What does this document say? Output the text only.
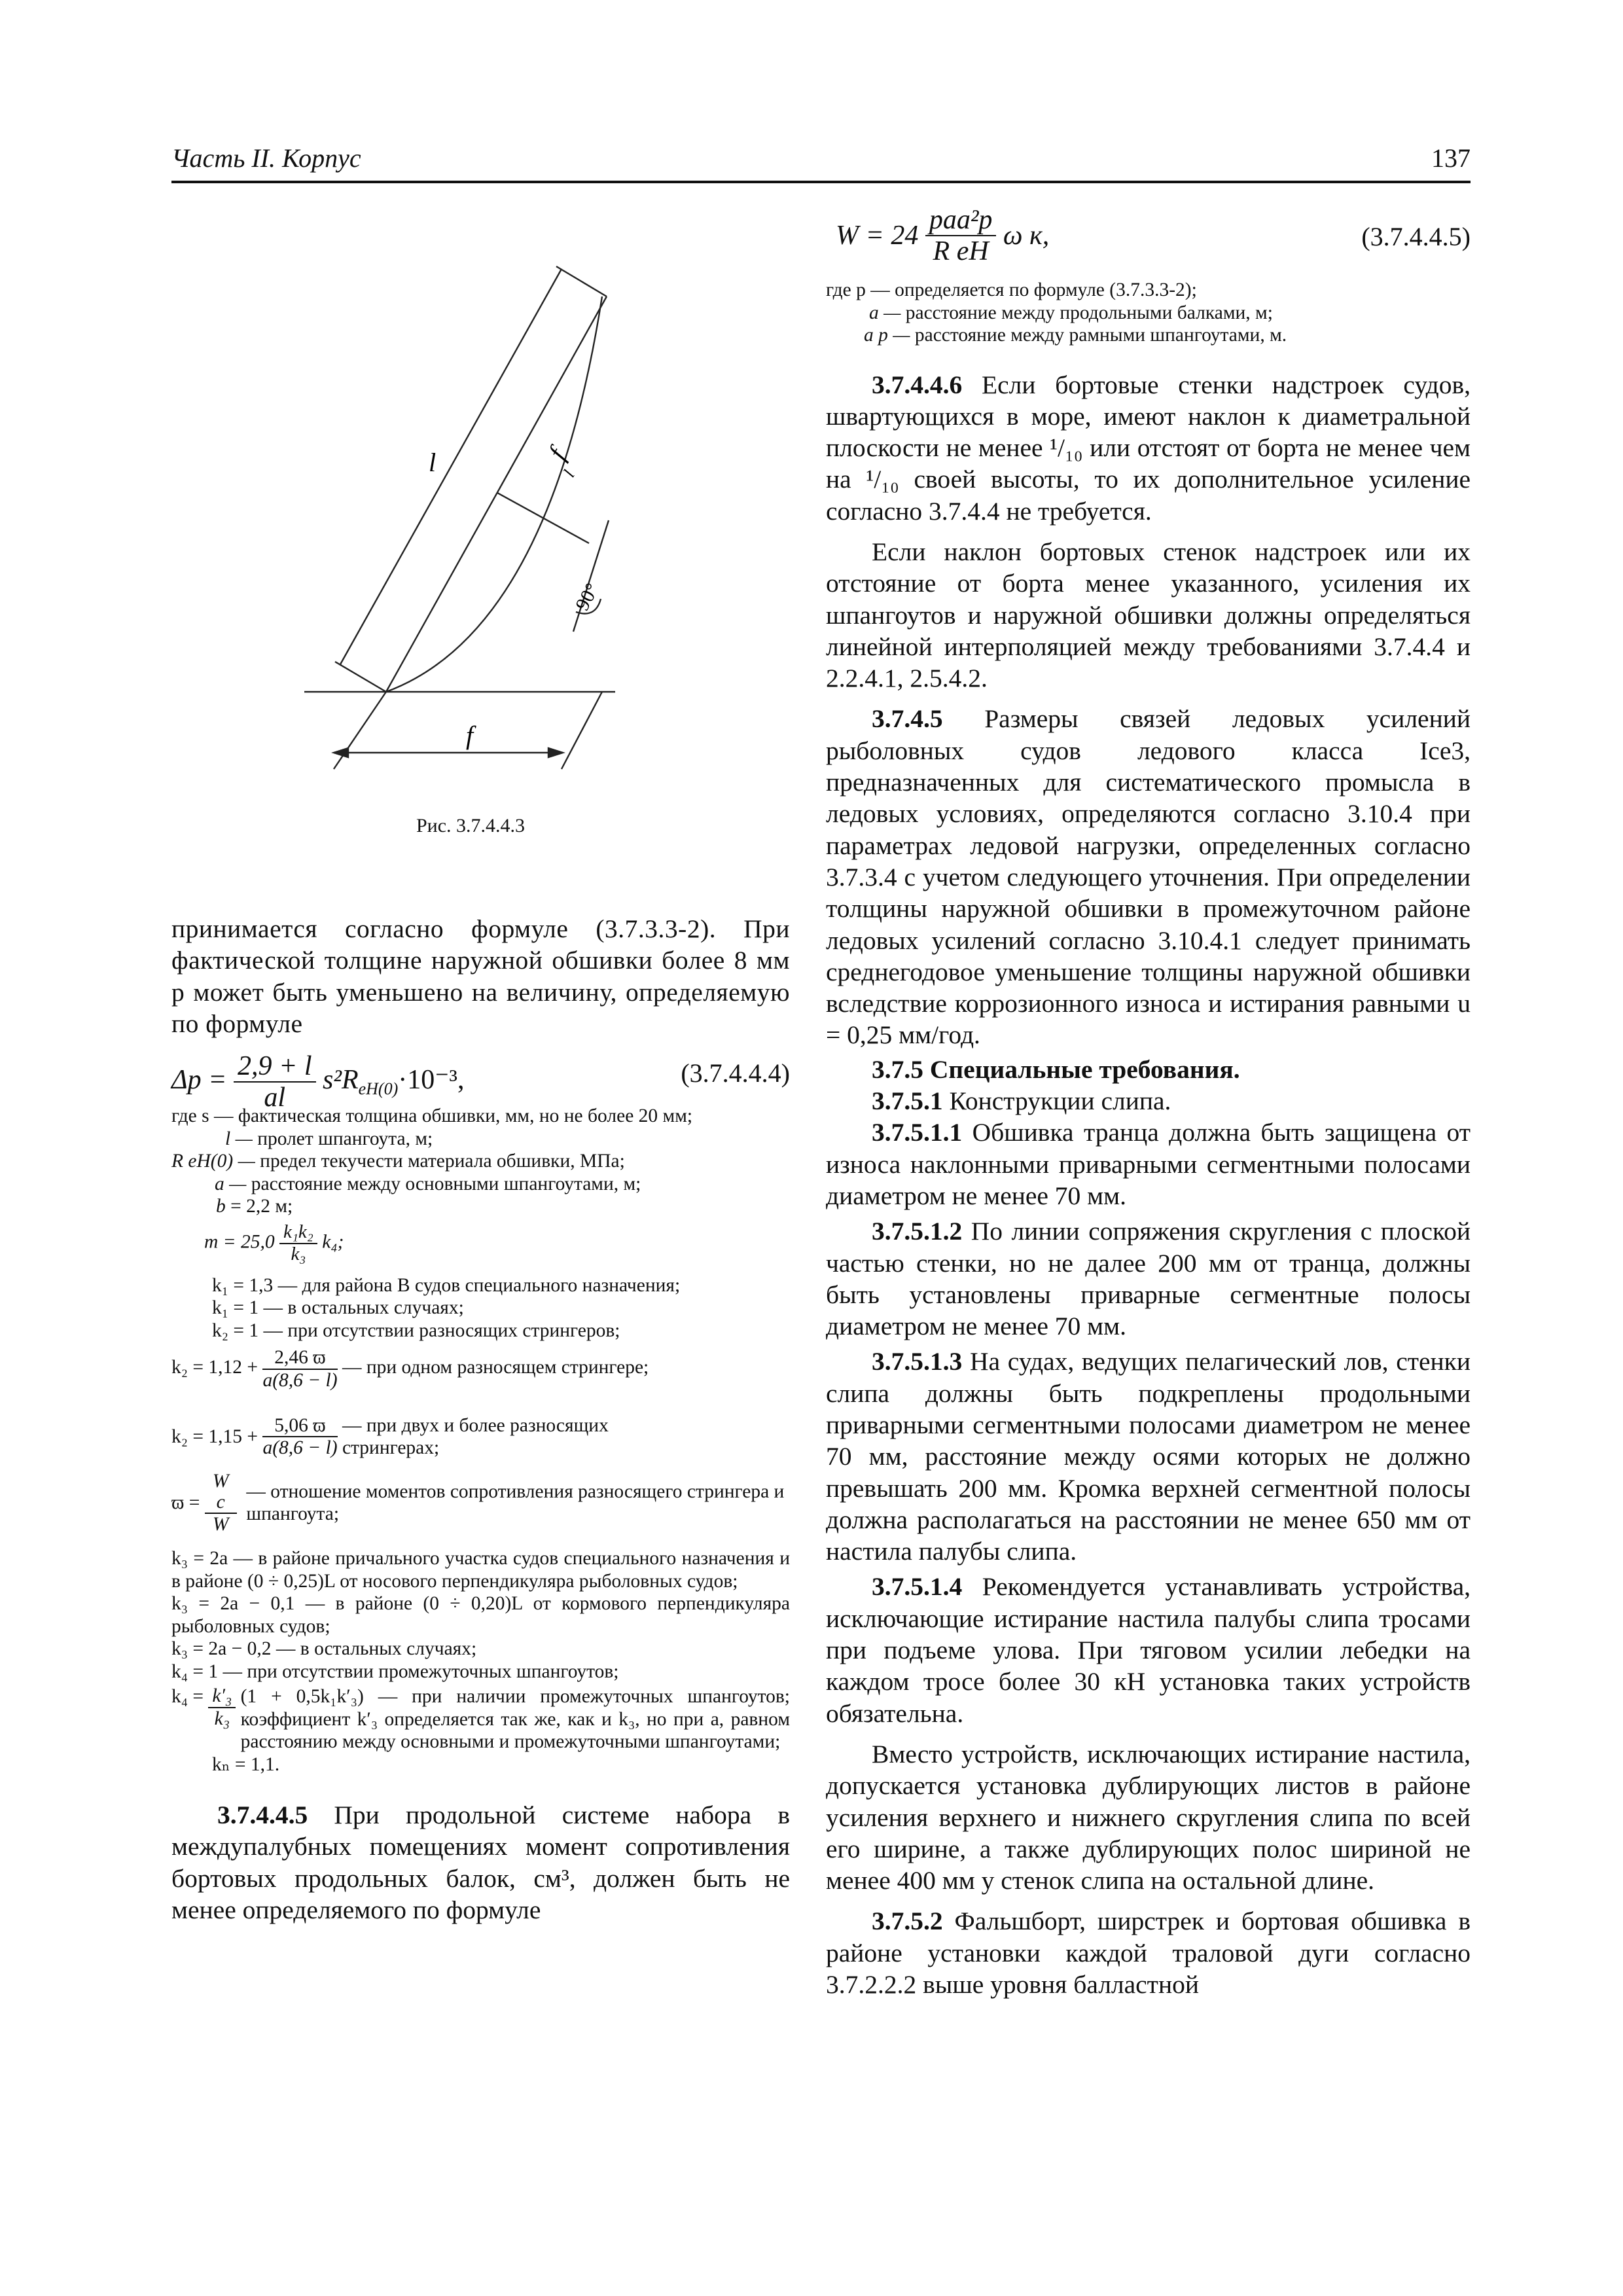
Часть II. Корпус	137
l	f
l
90°
f
Рис. 3.7.4.4.3

принимается согласно формуле (3.7.3.3-2). При фактической толщине наружной обшивки более 8 мм p может быть уменьшено на величину, определяемую по формуле

$\Delta p = \frac{2,9 + l}{al} s^2R_{eH(0)}\cdot 10^{-3}$,	(3.7.4.4.4)
где s — фактическая толщина обшивки, мм, но не более 20 мм;
l — пролет шпангоута, м;
R eH(0) — предел текучести материала обшивки, МПа;
a — расстояние между основными шпангоутами, м;
b = 2,2 м;
$m = 25,0 \frac{\text{k₁k₂}}{\text{k₃}} k_4$;
k₁ = 1,3 — для района В судов специального назначения;
k₁ = 1 — в остальных случаях;
k₂ = 1 — при отсутствии разносящих стрингеров;
$k_2 = 1,12 + \frac{2,46 ϖ}{a(8,6 - l)}$ — при одном разносящем стрингере;
k₂ = 1,15 +
$\frac{5,06 ϖ}{a(8,6 - l)}$
— при двух и более разносящих стрингерах;
ϖ =
$\frac{\text{W c}}{W}$
— отношение моментов сопротивления разносящего стрингера и шпангоута;
k₃ = 2a — в районе причального участка судов специального назначения и в районе (0 ÷ 0,25)L от носового перпендикуляра рыболовных судов;
k₃ = 2a − 0,1 — в районе (0 ÷ 0,20)L от кормового перпендикуляра рыболовных судов;
k₃ = 2a − 0,2 — в остальных случаях;
k₄ = 1 — при отсутствии промежуточных шпангоутов;
k₄ =
$\frac{\text{k′₃}}{\text{k₃}}$
(1 + 0,5k₁k′₃) — при наличии промежуточных шпангоутов; коэффициент k′₃ определяется так же, как и k₃, но при a, равном расстоянию между основными и промежуточными шпангоутами;
kₙ = 1,1.

3.7.4.4.5 При продольной системе набора в междупалубных помещениях момент сопротивления бортовых продольных балок, см³, должен быть не менее определяемого по формуле

W = 24
$\frac{\text{paa²p}}{\text{R eH}}$
ω к,	(3.7.4.4.5)
где p — определяется по формуле (3.7.3.3-2);
a — расстояние между продольными балками, м;
a p — расстояние между рамными шпангоутами, м.

3.7.4.4.6 Если бортовые стенки надстроек судов, швартующихся в море, имеют наклон к диаметральной плоскости не менее ¹/₁₀ или отстоят от борта не менее чем на ¹/₁₀ своей высоты, то их дополнительное усиление согласно 3.7.4.4 не требуется.

Если наклон бортовых стенок надстроек или их отстояние от борта менее указанного, усиления их шпангоутов и наружной обшивки должны определяться линейной интерполяцией между требованиями 3.7.4.4 и 2.2.4.1, 2.5.4.2.

3.7.4.5 Размеры связей ледовых усилений рыболовных судов ледового класса Ice3, предназначенных для систематического промысла в ледовых условиях, определяются согласно 3.10.4 при параметрах ледовой нагрузки, определенных согласно 3.7.3.4 с учетом следующего уточнения. При определении толщины наружной обшивки в промежуточном районе ледовых усилений согласно 3.10.4.1 следует принимать среднегодовое уменьшение толщины наружной обшивки вследствие коррозионного износа и истирания равными u = 0,25 мм/год.

3.7.5 Специальные требования.

3.7.5.1 Конструкции слипа.

3.7.5.1.1 Обшивка транца должна быть защищена от износа наклонными приварными сегментными полосами диаметром не менее 70 мм.

3.7.5.1.2 По линии сопряжения скругления с плоской частью стенки, но не далее 200 мм от транца, должны быть установлены приварные сегментные полосы диаметром не менее 70 мм.

3.7.5.1.3 На судах, ведущих пелагический лов, стенки слипа должны быть подкреплены продольными приварными сегментными полосами диаметром не менее 70 мм, расстояние между осями которых не должно превышать 200 мм. Кромка верхней сегментной полосы должна располагаться на расстоянии не менее 650 мм от настила палубы слипа.

3.7.5.1.4 Рекомендуется устанавливать устройства, исключающие истирание настила палубы слипа тросами при подъеме улова. При тяговом усилии лебедки на каждом тросе более 30 кН установка таких устройств обязательна.

Вместо устройств, исключающих истирание настила, допускается установка дублирующих листов в районе усиления верхнего и нижнего скругления слипа по всей его ширине, а также дублирующих полос шириной не менее 400 мм у стенок слипа на остальной длине.

3.7.5.2 Фальшборт, ширстрек и бортовая обшивка в районе установки каждой траловой дуги согласно 3.7.2.2.2 выше уровня балластной
